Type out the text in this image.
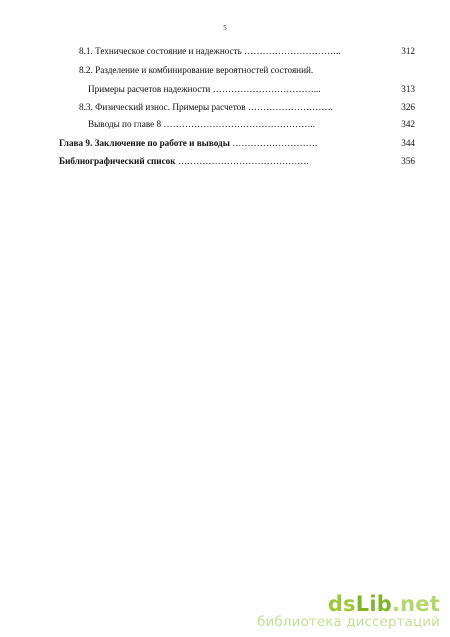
5
8.1. Техническое состояние и надежность …………………………..	312
8.2. Разделение и комбинирование вероятностей состояний.
Примеры расчетов надежности ……………………………...	313
8.3. Физический износ. Примеры расчетов ……………………….	326
Выводы по главе 8 …………………………………………..	342
Глава 9. Заключение по работе и выводы ……………………….	344
Библиографический список …………………………………….	356
dsLib.net
библиотека диссертаций
